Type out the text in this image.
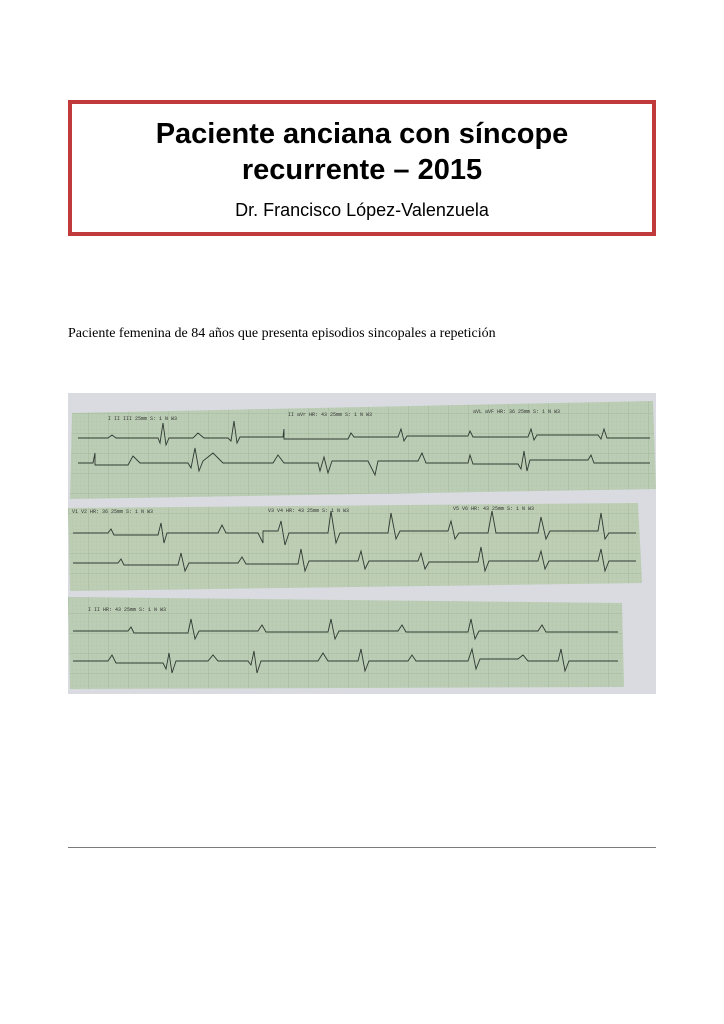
Paciente anciana con síncope

recurrente – 2015

Dr. Francisco López-Valenzuela
Paciente femenina de 84 años que presenta episodios sincopales a repetición
I II III 25mm S: 1 N W3
II aVr HR: 43 25mm S: 1 N W3	aVL aVF HR: 36 25mm S: 1 N W3
V1 V2 HR: 36 25mm S: 1 N W3	V3 V4 HR: 43 25mm S: 1 N W3	V5 V6 HR: 43 25mm S: 1 N W3
I II HR: 43 25mm S: 1 N W3
